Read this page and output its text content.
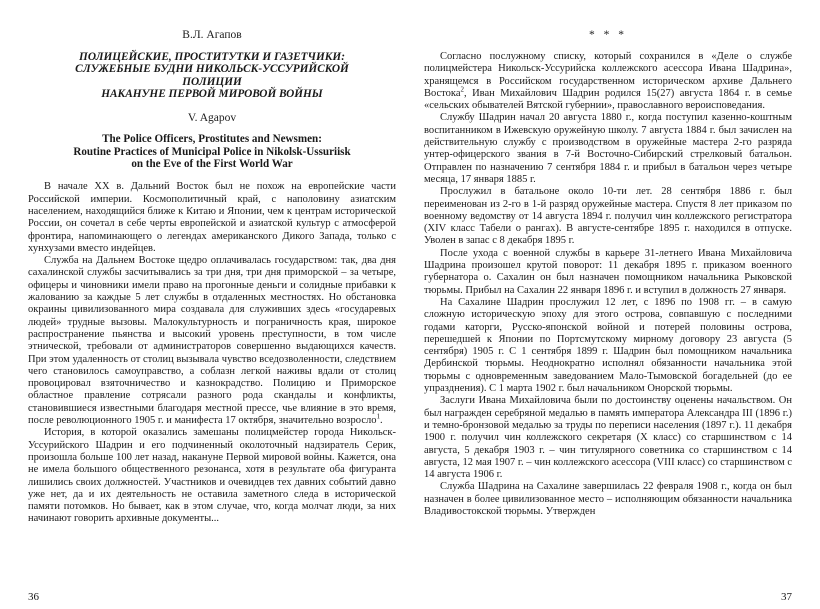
В.Л. Агапов
ПОЛИЦЕЙСКИЕ, ПРОСТИТУТКИ И ГАЗЕТЧИКИ:
СЛУЖЕБНЫЕ БУДНИ НИКОЛЬСК-УССУРИЙСКОЙ
ПОЛИЦИИ
НАКАНУНЕ ПЕРВОЙ МИРОВОЙ ВОЙНЫ
V. Agapov
The Police Officers, Prostitutes and Newsmen:
Routine Practices of Municipal Police in Nikolsk-Ussuriisk
on the Eve of the First World War

В начале XX в. Дальний Восток был не похож на европейские части Российской империи. Космополитичный край, с наполовину азиатским населением, находящийся ближе к Китаю и Японии, чем к центрам исторической России, он сочетал в себе черты европейской и азиатской культур с атмосферой фронтира, напоминающего о легендах американского Дикого Запада, только с хунхузами вместо индейцев.

Служба на Дальнем Востоке щедро оплачивалась государством: так, два дня сахалинской службы засчитывались за три дня, три дня приморской – за четыре, офицеры и чиновники имели право на прогонные деньги и солидные прибавки к жалованию за каждые 5 лет службы в отдаленных местностях. Но обстановка окраины цивилизованного мира создавала для служивших здесь «государевых людей» трудные вызовы. Малокультурность и пограничность края, широкое распространение пьянства и высокий уровень преступности, в том числе этнической, требовали от администраторов совершенно выдающихся качеств. При этом удаленность от столиц вызывала чувство вседозволенности, следствием чего становилось самоуправство, а соблазн легкой наживы вдали от столиц провоцировал взяточничество и казнокрадство. Полицию и Приморское областное правление сотрясали разного рода скандалы и конфликты, становившиеся известными благодаря местной прессе, чье влияние в это время, после революционного 1905 г. и манифеста 17 октября, значительно возросло$^1$.

История, в которой оказались замешаны полицмейстер города Никольск-Уссурийского Шадрин и его подчиненный околоточный надзиратель Серик, произошла больше 100 лет назад, накануне Первой мировой войны. Кажется, она не имела большого общественного резонанса, хотя в результате оба фигуранта лишились своих должностей. Участников и очевидцев тех давних событий давно уже нет, да и их деятельность не оставила заметного следа в исторической памяти потомков. Но бывает, как в этом случае, что, когда молчат люди, за них начинают говорить архивные документы...

36
* * *

Согласно послужному списку, который сохранился в «Деле о службе полицмейстера Никольск-Уссурийска коллежского асессора Ивана Шадрина», хранящемся в Российском государственном историческом архиве Дальнего Востока$^2$, Иван Михайлович Шадрин родился 15(27) августа 1864 г. в семье «сельских обывателей Вятской губернии», православного вероисповедания.

Службу Шадрин начал 20 августа 1880 г., когда поступил казенно-коштным воспитанником в Ижевскую оружейную школу. 7 августа 1884 г. был зачислен на действительную службу с производством в оружейные мастера 2-го разряда унтер-офицерского звания в 7-й Восточно-Сибирский стрелковый батальон. Отправлен по назначению 7 сентября 1884 г. и прибыл в батальон через четыре месяца, 17 января 1885 г.

Прослужил в батальоне около 10-ти лет. 28 сентября 1886 г. был переименован из 2-го в 1-й разряд оружейные мастера. Спустя 8 лет приказом по военному ведомству от 14 августа 1894 г. получил чин коллежского регистратора (XIV класс Табели о рангах). В августе-сентябре 1895 г. находился в отпуске. Уволен в запас с 8 декабря 1895 г.

После ухода с военной службы в карьере 31-летнего Ивана Михайловича Шадрина произошел крутой поворот: 11 декабря 1895 г. приказом военного губернатора о. Сахалин он был назначен помощником начальника Рыковской тюрьмы. Прибыл на Сахалин 22 января 1896 г. и вступил в должность 27 января.

На Сахалине Шадрин прослужил 12 лет, с 1896 по 1908 гг. – в самую сложную историческую эпоху для этого острова, совпавшую с последними годами каторги, Русско-японской войной и потерей половины острова, перешедшей к Японии по Портсмутскому мирному договору 23 августа (5 сентября) 1905 г. С 1 сентября 1899 г. Шадрин был помощником начальника Дербинской тюрьмы. Неоднократно исполнял обязанности начальника этой тюрьмы с одновременным заведованием Мало-Тымовской богадельней (до ее упразднения). С 1 марта 1902 г. был начальником Онорской тюрьмы.

Заслуги Ивана Михайловича были по достоинству оценены начальством. Он был награжден серебряной медалью в память императора Александра III (1896 г.) и темно-бронзовой медалью за труды по переписи населения (1897 г.). 11 декабря 1900 г. получил чин коллежского секретаря (X класс) со старшинством с 14 августа, 5 декабря 1903 г. – чин титулярного советника со старшинством с 14 августа, 12 мая 1907 г. – чин коллежского асессора (VIII класс) со старшинством с 14 августа 1906 г.

Служба Шадрина на Сахалине завершилась 22 февраля 1908 г., когда он был назначен в более цивилизованное место – исполняющим обязанности начальника Владивостокской тюрьмы. Утвержден

37
